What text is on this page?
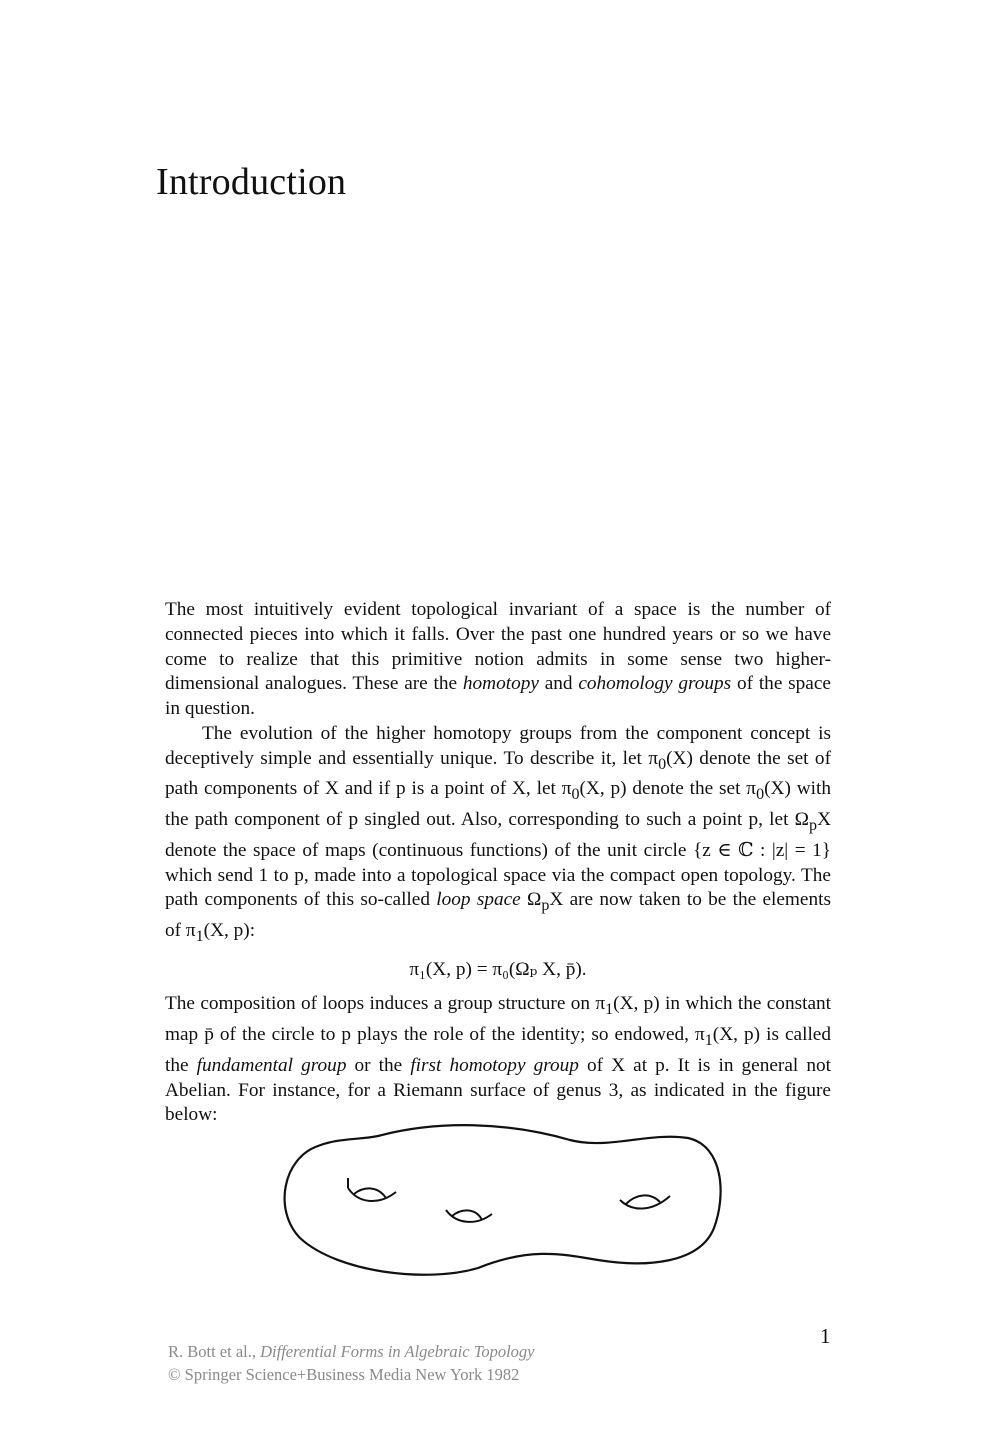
Introduction

The most intuitively evident topological invariant of a space is the number of connected pieces into which it falls. Over the past one hundred years or so we have come to realize that this primitive notion admits in some sense two higher-dimensional analogues. These are the homotopy and cohomology groups of the space in question.

The evolution of the higher homotopy groups from the component concept is deceptively simple and essentially unique. To describe it, let $\pi_0(X)$ denote the set of path components of X and if p is a point of X, let $\pi_0(X$, p) denote the set $\pi_0(X)$ with the path component of p singled out. Also, corresponding to such a point p, let $\Omega_pX$ denote the space of maps (continuous functions) of the unit circle {z ∈ ℂ : |z| = 1} which send 1 to p, made into a topological space via the compact open topology. The path components of this so-called loop space $\Omega_pX$ are now taken to be the elements of $\pi_1(X$, p):

π₁(X, p) = π₀(Ωₚ X, p̄).

The composition of loops induces a group structure on $\pi_1(X$, p) in which the constant map p̄ of the circle to p plays the role of the identity; so endowed, $\pi_1(X$, p) is called the fundamental group or the first homotopy group of X at p. It is in general not Abelian. For instance, for a Riemann surface of genus 3, as indicated in the figure below:

1
R. Bott et al., Differential Forms in Algebraic Topology
© Springer Science+Business Media New York 1982
